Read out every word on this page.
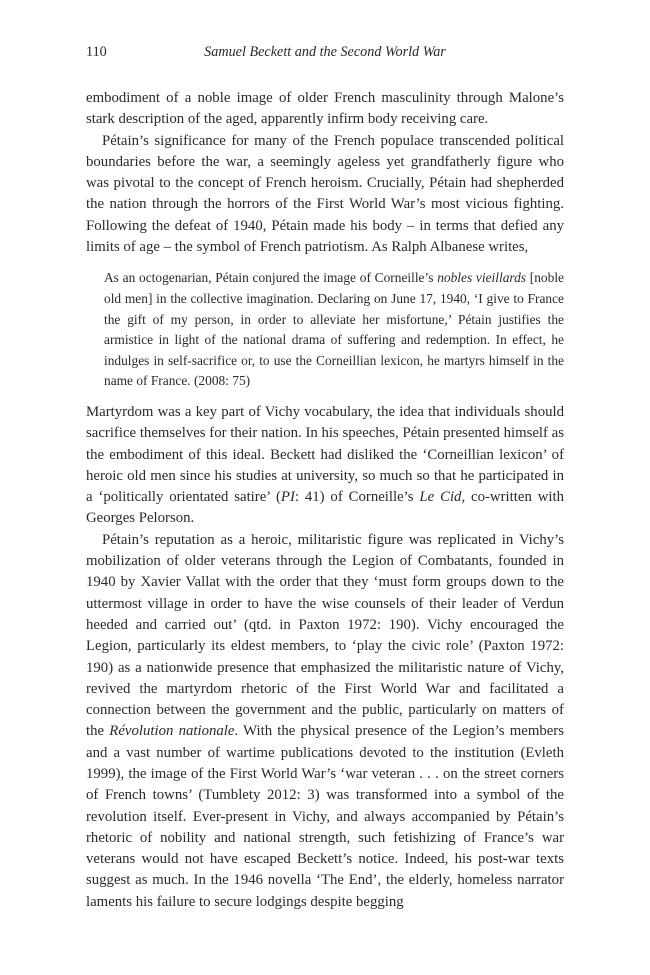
110	Samuel Beckett and the Second World War

embodiment of a noble image of older French masculinity through Malone’s stark description of the aged, apparently infirm body receiving care.

Pétain’s significance for many of the French populace transcended political boundaries before the war, a seemingly ageless yet grandfatherly figure who was pivotal to the concept of French heroism. Crucially, Pétain had shepherded the nation through the horrors of the First World War’s most vicious fighting. Following the defeat of 1940, Pétain made his body – in terms that defied any limits of age – the symbol of French patriotism. As Ralph Albanese writes,

As an octogenarian, Pétain conjured the image of Corneille’s nobles vieillards [noble old men] in the collective imagination. Declaring on June 17, 1940, ‘I give to France the gift of my person, in order to alleviate her misfortune,’ Pétain justifies the armistice in light of the national drama of suffering and redemption. In effect, he indulges in self-sacrifice or, to use the Corneillian lexicon, he martyrs himself in the name of France. (2008: 75)

Martyrdom was a key part of Vichy vocabulary, the idea that individuals should sacrifice themselves for their nation. In his speeches, Pétain presented himself as the embodiment of this ideal. Beckett had disliked the ‘Corneillian lexicon’ of heroic old men since his studies at university, so much so that he participated in a ‘politically orientated satire’ (PI: 41) of Corneille’s Le Cid, co-written with Georges Pelorson.

Pétain’s reputation as a heroic, militaristic figure was replicated in Vichy’s mobilization of older veterans through the Legion of Combatants, founded in 1940 by Xavier Vallat with the order that they ‘must form groups down to the uttermost village in order to have the wise counsels of their leader of Verdun heeded and carried out’ (qtd. in Paxton 1972: 190). Vichy encouraged the Legion, particularly its eldest members, to ‘play the civic role’ (Paxton 1972: 190) as a nationwide presence that emphasized the militaristic nature of Vichy, revived the martyrdom rhetoric of the First World War and facilitated a connection between the government and the public, particularly on matters of the Révolution nationale. With the physical presence of the Legion’s members and a vast number of wartime publications devoted to the institution (Evleth 1999), the image of the First World War’s ‘war veteran . . . on the street corners of French towns’ (Tumblety 2012: 3) was transformed into a symbol of the revolution itself. Ever-present in Vichy, and always accompanied by Pétain’s rhetoric of nobility and national strength, such fetishizing of France’s war veterans would not have escaped Beckett’s notice. Indeed, his post-war texts suggest as much. In the 1946 novella ‘The End’, the elderly, homeless narrator laments his failure to secure lodgings despite begging
